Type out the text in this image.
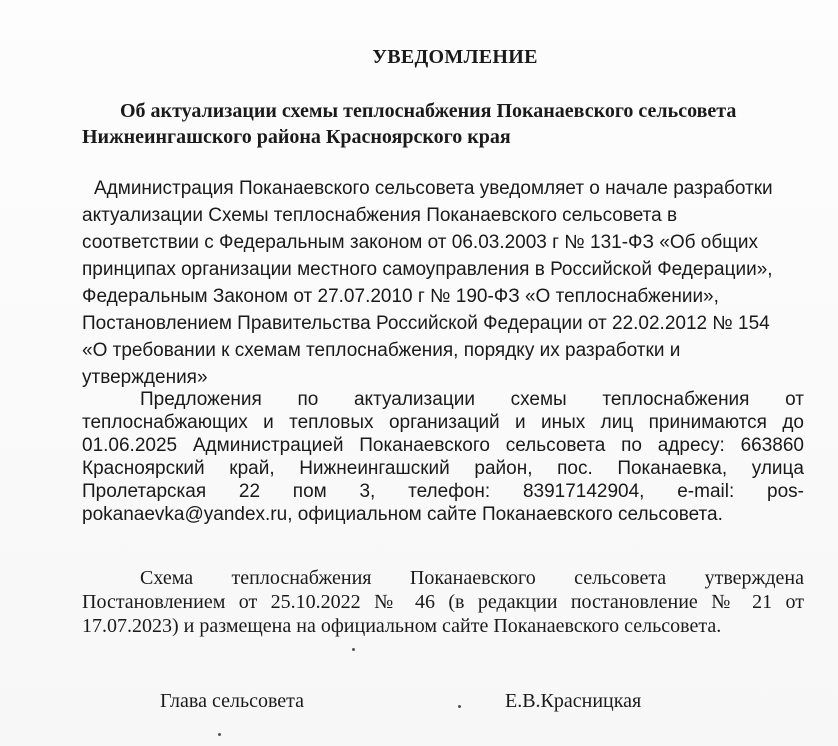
УВЕДОМЛЕНИЕ
Об актуализации схемы теплоснабжения Поканаевского сельсовета
Нижнеингашского района Красноярского края
Администрация Поканаевского сельсовета уведомляет о начале разработки
актуализации Схемы теплоснабжения Поканаевского сельсовета в
соответствии с Федеральным законом от 06.03.2003 г № 131-ФЗ «Об общих
принципах организации местного самоуправления в Российской Федерации»,
Федеральным Законом от 27.07.2010 г № 190-ФЗ «О теплоснабжении»,
Постановлением Правительства Российской Федерации от 22.02.2012 № 154
«О требовании к схемам теплоснабжения, порядку их разработки и
утверждения»
Предложения по актуализации схемы теплоснабжения от теплоснабжающих и тепловых организаций и иных лиц принимаются до 01.06.2025 Администрацией Поканаевского сельсовета по адресу: 663860 Красноярский край, Нижнеингашский район, пос. Поканаевка, улица Пролетарская 22 пом 3, телефон: 83917142904, e-mail: pos-pokanaevka@yandex.ru, официальном сайте Поканаевского сельсовета.
Схема теплоснабжения Поканаевского сельсовета утверждена Постановлением от 25.10.2022 № 46 (в редакции постановление № 21 от 17.07.2023) и размещена на официальном сайте Поканаевского сельсовета.
Глава сельсовета	Е.В.Красницкая
